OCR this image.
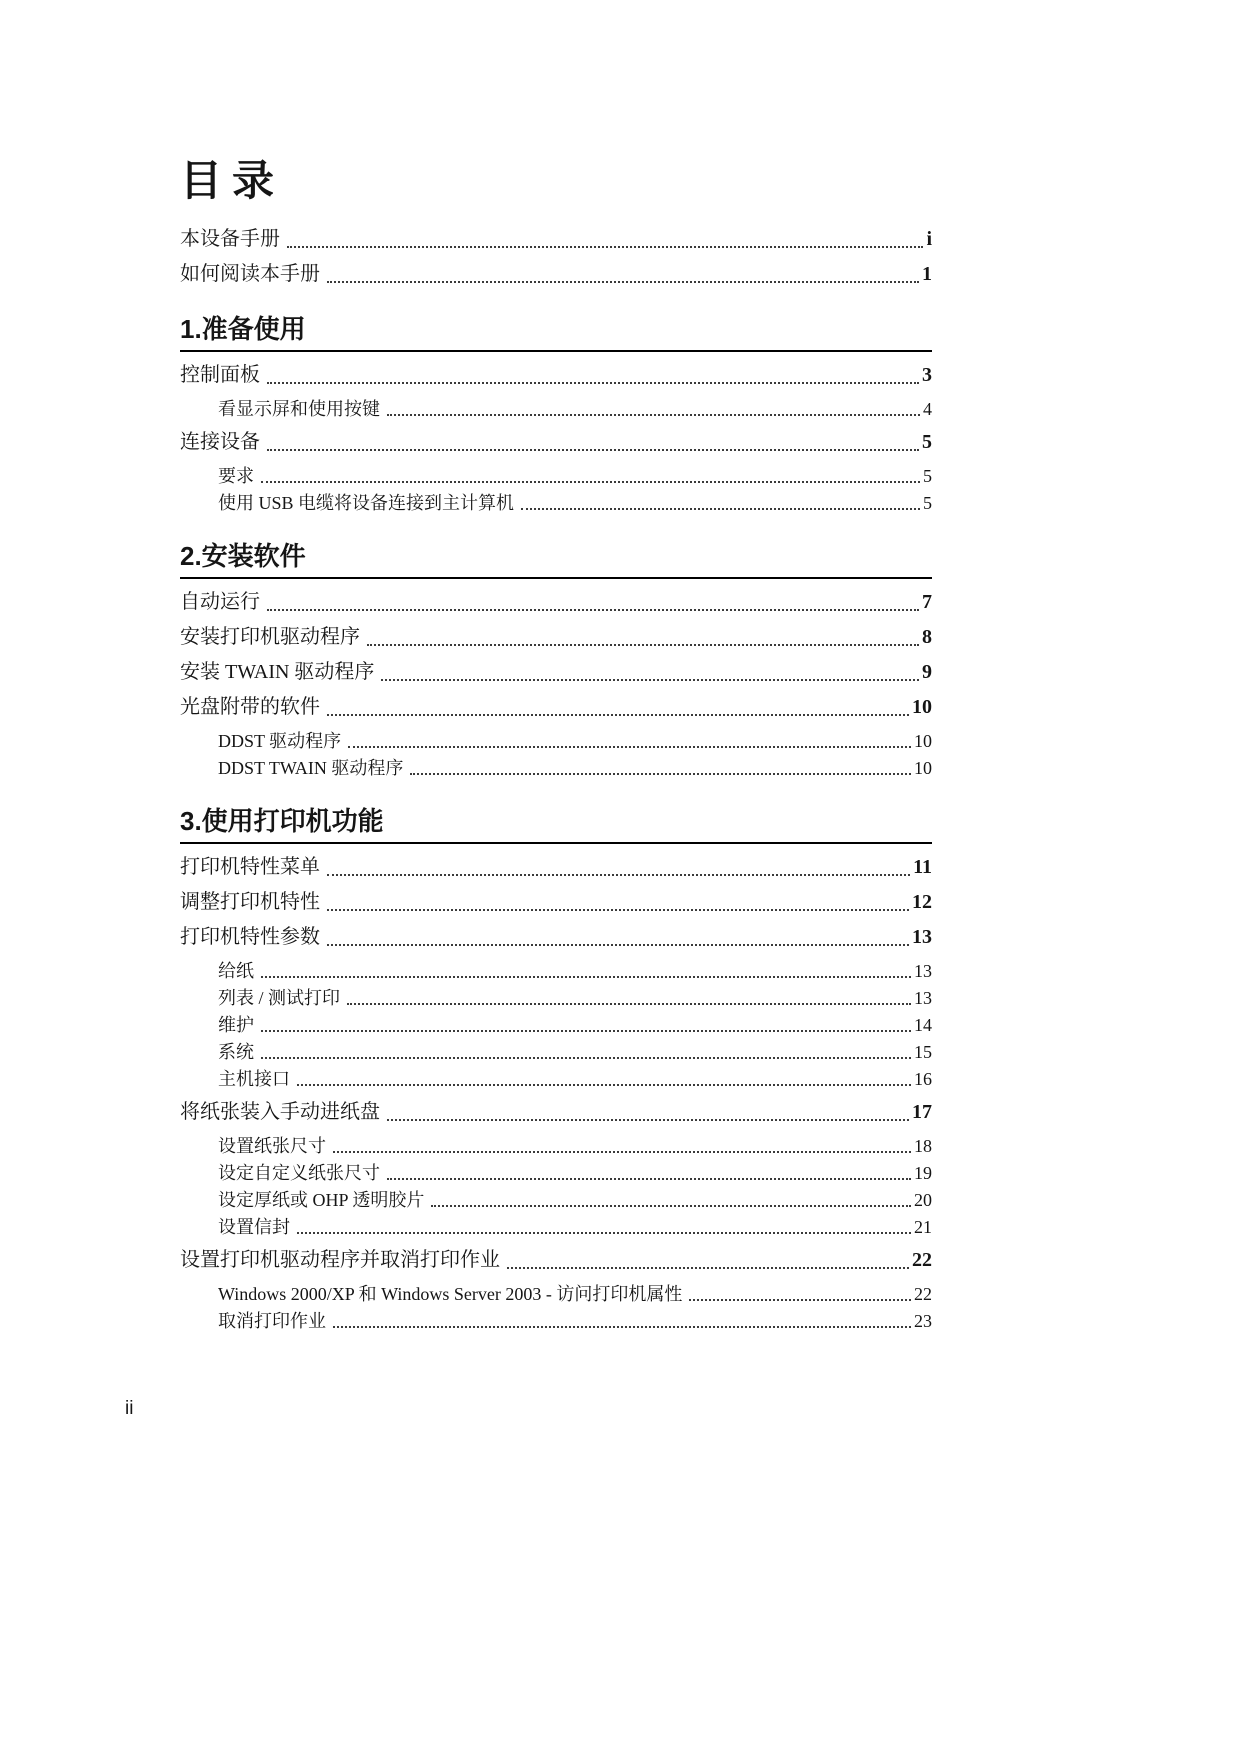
目录
本设备手册	i
如何阅读本手册	1
1.准备使用
控制面板	3
看显示屏和使用按键	4
连接设备	5
要求	5
使用 USB 电缆将设备连接到主计算机	5
2.安装软件
自动运行	7
安装打印机驱动程序	8
安装 TWAIN 驱动程序	9
光盘附带的软件	10
DDST 驱动程序	10
DDST TWAIN 驱动程序	10
3.使用打印机功能
打印机特性菜单	11
调整打印机特性	12
打印机特性参数	13
给纸	13
列表 / 测试打印	13
维护	14
系统	15
主机接口	16
将纸张装入手动进纸盘	17
设置纸张尺寸	18
设定自定义纸张尺寸	19
设定厚纸或 OHP 透明胶片	20
设置信封	21
设置打印机驱动程序并取消打印作业	22
Windows 2000/XP 和 Windows Server 2003 - 访问打印机属性	22
取消打印作业	23
ii
